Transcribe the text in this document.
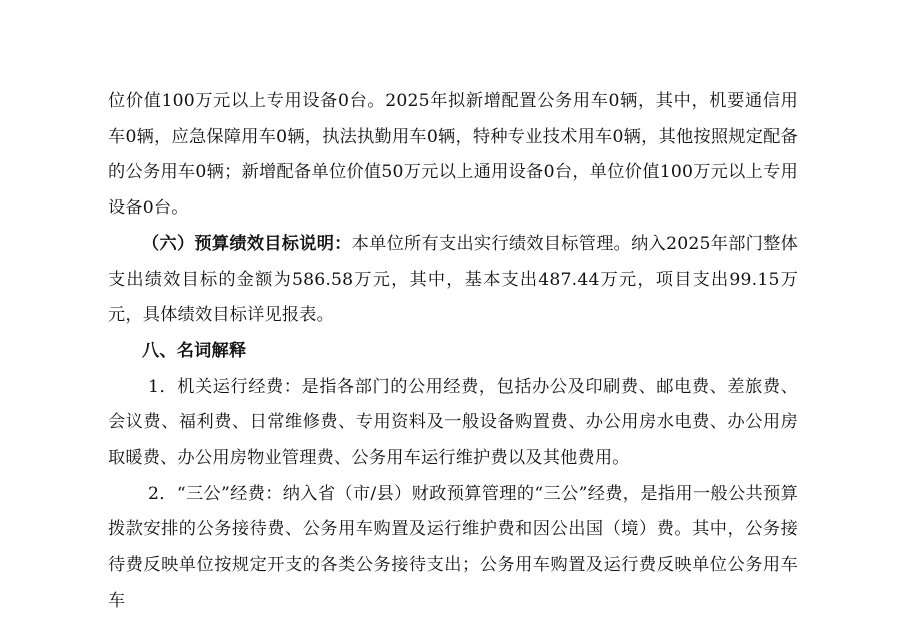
位价值100万元以上专用设备0台。2025年拟新增配置公务用车0辆，其中，机要通信用车0辆，应急保障用车0辆，执法执勤用车0辆，特种专业技术用车0辆，其他按照规定配备的公务用车0辆；新增配备单位价值50万元以上通用设备0台，单位价值100万元以上专用设备0台。

（六）预算绩效目标说明：本单位所有支出实行绩效目标管理。纳入2025年部门整体支出绩效目标的金额为586.58万元，其中，基本支出487.44万元，项目支出99.15万元，具体绩效目标详见报表。

八、名词解释

1．机关运行经费：是指各部门的公用经费，包括办公及印刷费、邮电费、差旅费、会议费、福利费、日常维修费、专用资料及一般设备购置费、办公用房水电费、办公用房取暖费、办公用房物业管理费、公务用车运行维护费以及其他费用。

2．“三公”经费：纳入省（市/县）财政预算管理的“三公”经费，是指用一般公共预算拨款安排的公务接待费、公务用车购置及运行维护费和因公出国（境）费。其中，公务接待费反映单位按规定开支的各类公务接待支出；公务用车购置及运行费反映单位公务用车车
